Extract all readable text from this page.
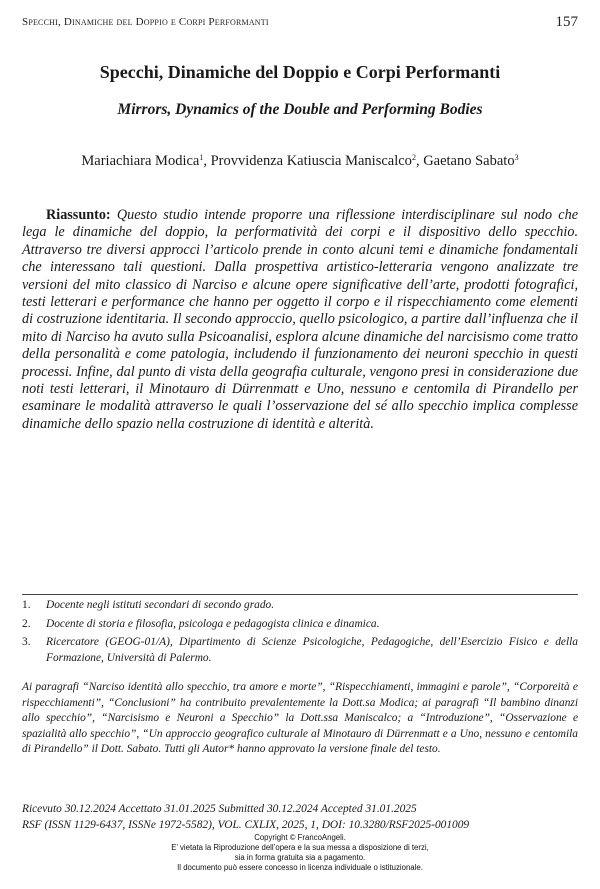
Specchi, Dinamiche del Doppio e Corpi Performanti	157
Specchi, Dinamiche del Doppio e Corpi Performanti
Mirrors, Dynamics of the Double and Performing Bodies
Mariachiara Modica$^1$, Provvidenza Katiuscia Maniscalco$^2$, Gaetano Sabato$^3$

Riassunto: Questo studio intende proporre una riflessione interdisciplinare sul nodo che lega le dinamiche del doppio, la performatività dei corpi e il dispositivo dello specchio. Attraverso tre diversi approcci l’articolo prende in conto alcuni temi e dinamiche fondamentali che interessano tali questioni. Dalla prospettiva artistico-letteraria vengono analizzate tre versioni del mito classico di Narciso e alcune opere significative dell’arte, prodotti fotografici, testi letterari e performance che hanno per oggetto il corpo e il rispecchiamento come elementi di costruzione identitaria. Il secondo approccio, quello psicologico, a partire dall’influenza che il mito di Narciso ha avuto sulla Psicoanalisi, esplora alcune dinamiche del narcisismo come tratto della personalità e come patologia, includendo il funzionamento dei neuroni specchio in questi processi. Infine, dal punto di vista della geografia culturale, vengono presi in considerazione due noti testi letterari, il Minotauro di Dürrenmatt e Uno, nessuno e centomila di Pirandello per esaminare le modalità attraverso le quali l’osservazione del sé allo specchio implica complesse dinamiche dello spazio nella costruzione di identità e alterità.

1. Docente negli istituti secondari di secondo grado.
2. Docente di storia e filosofia, psicologa e pedagogista clinica e dinamica.
3. Ricercatore (GEOG-01/A), Dipartimento di Scienze Psicologiche, Pedagogiche, dell’Esercizio Fisico e della Formazione, Università di Palermo.

Ai paragrafi “Narciso identità allo specchio, tra amore e morte”, “Rispecchiamenti, immagini e parole”, “Corporeità e rispecchiamenti”, “Conclusioni” ha contribuito prevalentemente la Dott.sa Modica; ai paragrafi “Il bambino dinanzi allo specchio”, “Narcisismo e Neuroni a Specchio” la Dott.ssa Maniscalco; a “Introduzione”, “Osservazione e spazialità allo specchio”, “Un approccio geografico culturale al Minotauro di Dürrenmatt e a Uno, nessuno e centomila di Pirandello” il Dott. Sabato. Tutti gli Autor* hanno approvato la versione finale del testo.

Ricevuto 30.12.2024 Accettato 31.01.2025 Submitted 30.12.2024 Accepted 31.01.2025
RSF (ISSN 1129-6437, ISSNe 1972-5582), VOL. CXLIX, 2025, 1, DOI: 10.3280/RSF2025-001009
Copyright © FrancoAngeli.
E’ vietata la Riproduzione dell’opera e la sua messa a disposizione di terzi,
sia in forma gratuita sia a pagamento.
Il documento può essere concesso in licenza individuale o istituzionale.
